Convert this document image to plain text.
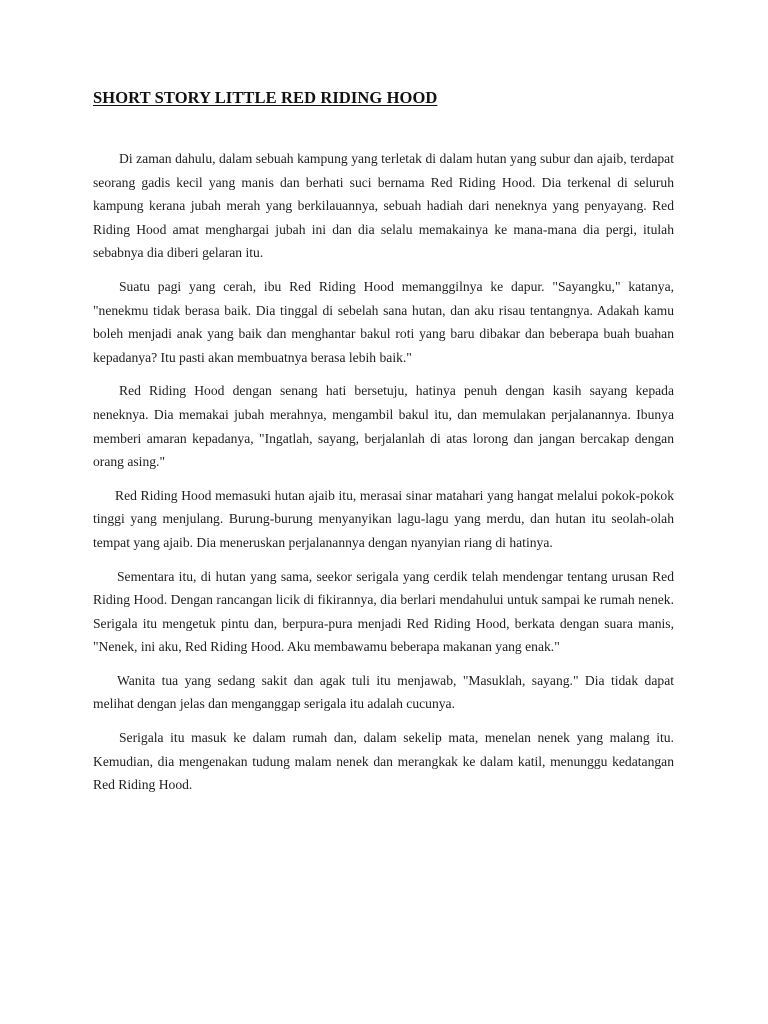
SHORT STORY LITTLE RED RIDING HOOD

Di zaman dahulu, dalam sebuah kampung yang terletak di dalam hutan yang subur dan ajaib, terdapat seorang gadis kecil yang manis dan berhati suci bernama Red Riding Hood. Dia terkenal di seluruh kampung kerana jubah merah yang berkilauannya, sebuah hadiah dari neneknya yang penyayang. Red Riding Hood amat menghargai jubah ini dan dia selalu memakainya ke mana-mana dia pergi, itulah sebabnya dia diberi gelaran itu.

Suatu pagi yang cerah, ibu Red Riding Hood memanggilnya ke dapur. "Sayangku," katanya, "nenekmu tidak berasa baik. Dia tinggal di sebelah sana hutan, dan aku risau tentangnya. Adakah kamu boleh menjadi anak yang baik dan menghantar bakul roti yang baru dibakar dan beberapa buah buahan kepadanya? Itu pasti akan membuatnya berasa lebih baik."

Red Riding Hood dengan senang hati bersetuju, hatinya penuh dengan kasih sayang kepada neneknya. Dia memakai jubah merahnya, mengambil bakul itu, dan memulakan perjalanannya. Ibunya memberi amaran kepadanya, "Ingatlah, sayang, berjalanlah di atas lorong dan jangan bercakap dengan orang asing."

Red Riding Hood memasuki hutan ajaib itu, merasai sinar matahari yang hangat melalui pokok-pokok tinggi yang menjulang. Burung-burung menyanyikan lagu-lagu yang merdu, dan hutan itu seolah-olah tempat yang ajaib. Dia meneruskan perjalanannya dengan nyanyian riang di hatinya.

Sementara itu, di hutan yang sama, seekor serigala yang cerdik telah mendengar tentang urusan Red Riding Hood. Dengan rancangan licik di fikirannya, dia berlari mendahului untuk sampai ke rumah nenek. Serigala itu mengetuk pintu dan, berpura-pura menjadi Red Riding Hood, berkata dengan suara manis, "Nenek, ini aku, Red Riding Hood. Aku membawamu beberapa makanan yang enak."

Wanita tua yang sedang sakit dan agak tuli itu menjawab, "Masuklah, sayang." Dia tidak dapat melihat dengan jelas dan menganggap serigala itu adalah cucunya.

Serigala itu masuk ke dalam rumah dan, dalam sekelip mata, menelan nenek yang malang itu. Kemudian, dia mengenakan tudung malam nenek dan merangkak ke dalam katil, menunggu kedatangan Red Riding Hood.
